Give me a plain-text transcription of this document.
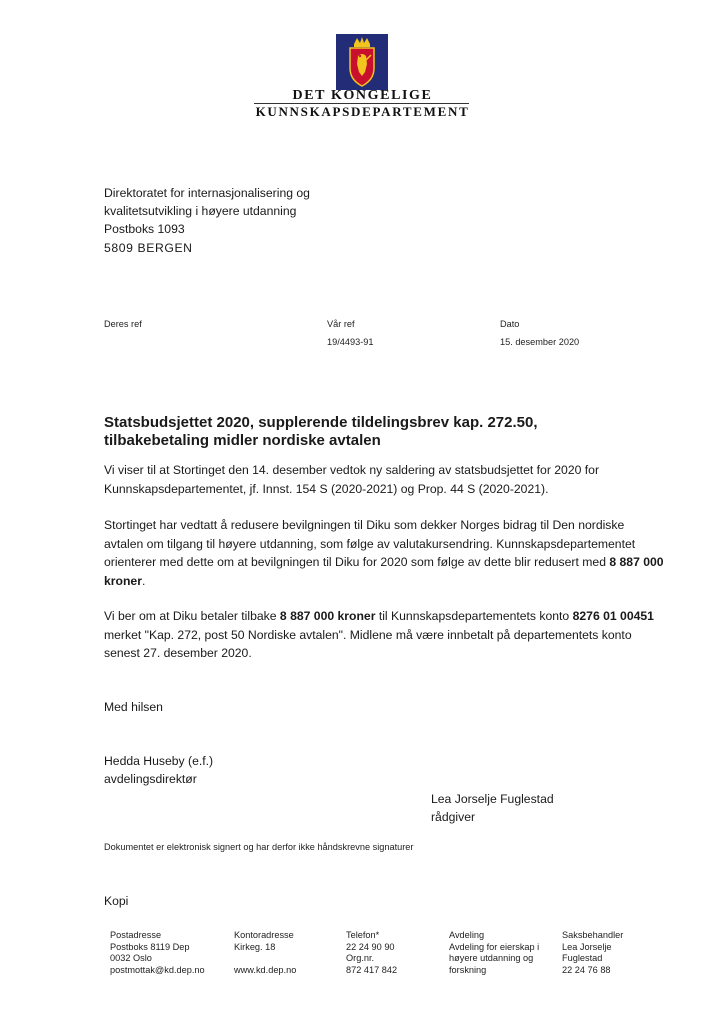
DET KONGELIGE
KUNNSKAPSDEPARTEMENT
Direktoratet for internasjonalisering og
kvalitetsutvikling i høyere utdanning
Postboks 1093
5809 BERGEN
Deres ref	Vår ref
19/4493-91
Dato
15. desember 2020
Statsbudsjettet 2020, supplerende tildelingsbrev kap. 272.50,
tilbakebetaling midler nordiske avtalen
Vi viser til at Stortinget den 14. desember vedtok ny saldering av statsbudsjettet for 2020 for Kunnskapsdepartementet, jf. Innst. 154 S (2020-2021) og Prop. 44 S (2020-2021).
Stortinget har vedtatt å redusere bevilgningen til Diku som dekker Norges bidrag til Den nordiske avtalen om tilgang til høyere utdanning, som følge av valutakursendring. Kunnskapsdepartementet orienterer med dette om at bevilgningen til Diku for 2020 som følge av dette blir redusert med 8 887 000 kroner.
Vi ber om at Diku betaler tilbake 8 887 000 kroner til Kunnskapsdepartementets konto 8276 01 00451 merket "Kap. 272, post 50 Nordiske avtalen". Midlene må være innbetalt på departementets konto senest 27. desember 2020.
Med hilsen
Hedda Huseby (e.f.)
avdelingsdirektør
Lea Jorselje Fuglestad
rådgiver
Dokumentet er elektronisk signert og har derfor ikke håndskrevne signaturer
Kopi
Postadresse
Postboks 8119 Dep
0032 Oslo
postmottak@kd.dep.no
Kontoradresse
Kirkeg. 18

www.kd.dep.no
Telefon*
22 24 90 90
Org.nr.
872 417 842
Avdeling
Avdeling for eierskap i
høyere utdanning og
forskning
Saksbehandler
Lea Jorselje
Fuglestad
22 24 76 88
